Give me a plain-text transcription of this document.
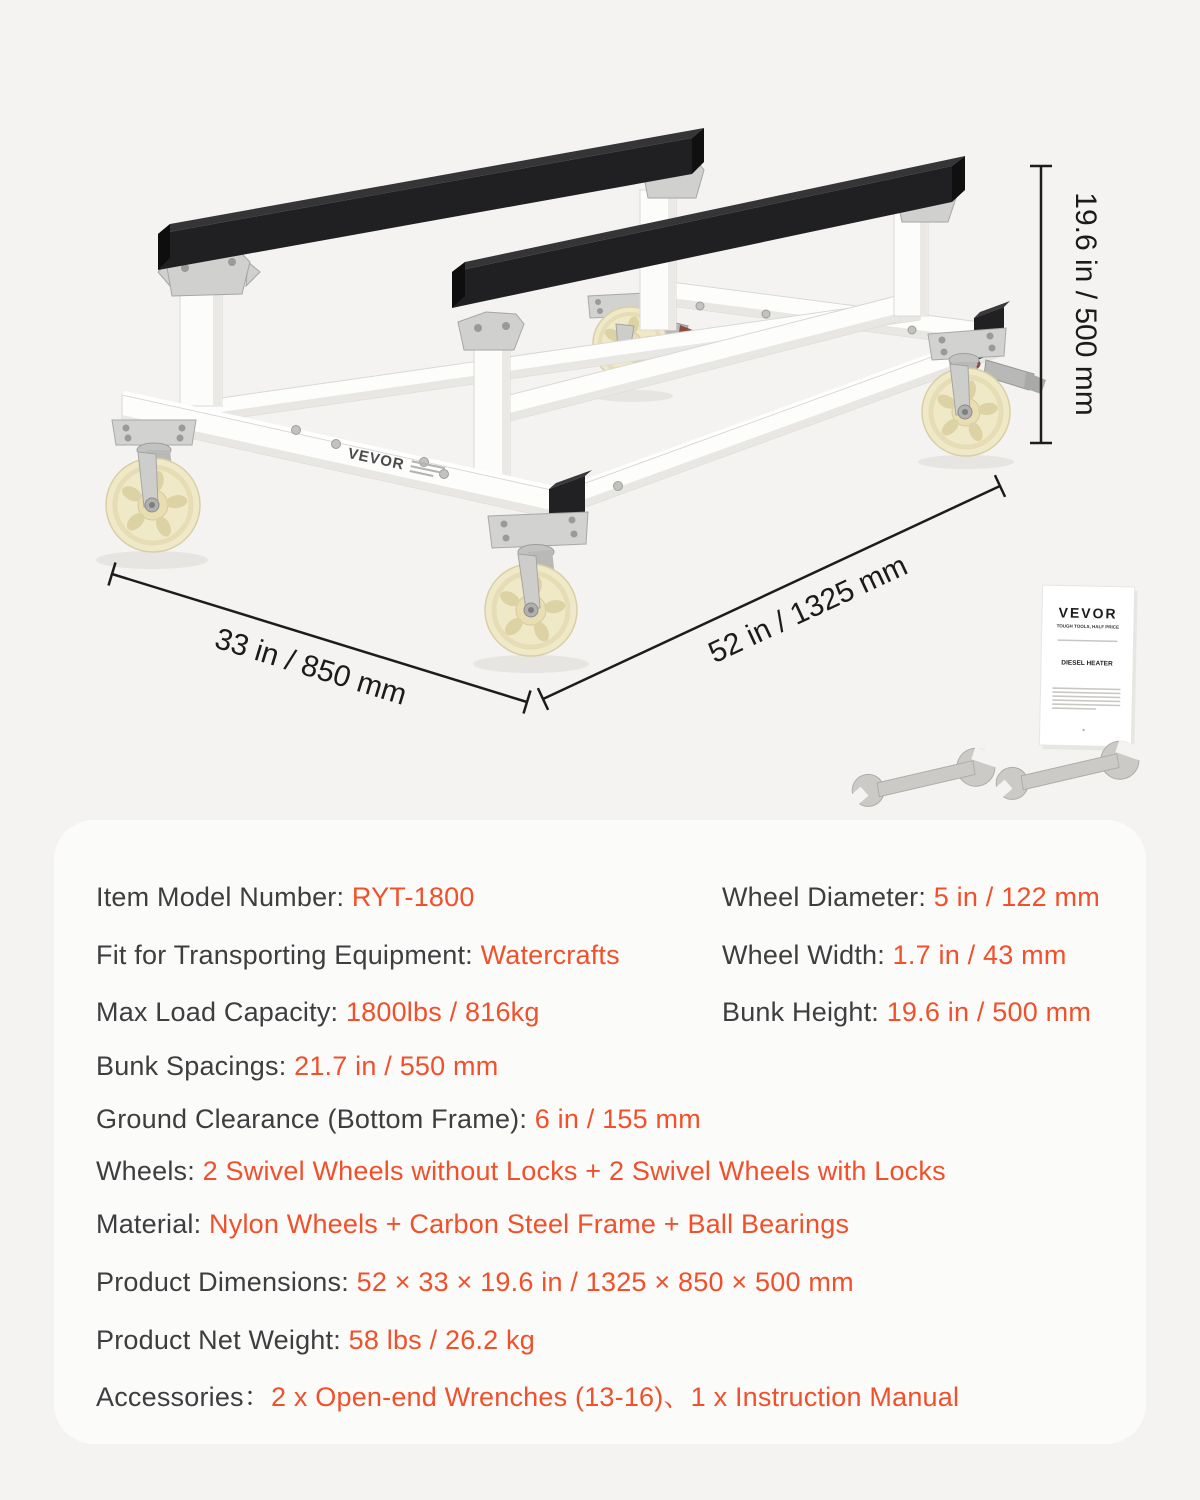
VEVOR
19.6 in / 500 mm
33 in / 850 mm	52 in / 1325 mm	VEVOR
TOUGH TOOLS, HALF PRICE
DIESEL HEATER
Item Model Number: RYT-1800	Wheel Diameter: 5 in / 122 mm
Fit for Transporting Equipment: Watercrafts	Wheel Width: 1.7 in / 43 mm
Max Load Capacity: 1800lbs / 816kg	Bunk Height: 19.6 in / 500 mm
Bunk Spacings: 21.7 in / 550 mm
Ground Clearance (Bottom Frame): 6 in / 155 mm
Wheels: 2 Swivel Wheels without Locks + 2 Swivel Wheels with Locks
Material: Nylon Wheels + Carbon Steel Frame + Ball Bearings
Product Dimensions: 52 × 33 × 19.6 in / 1325 × 850 × 500 mm
Product Net Weight: 58 lbs / 26.2 kg
Accessories：2 x Open-end Wrenches (13-16)、1 x Instruction Manual
